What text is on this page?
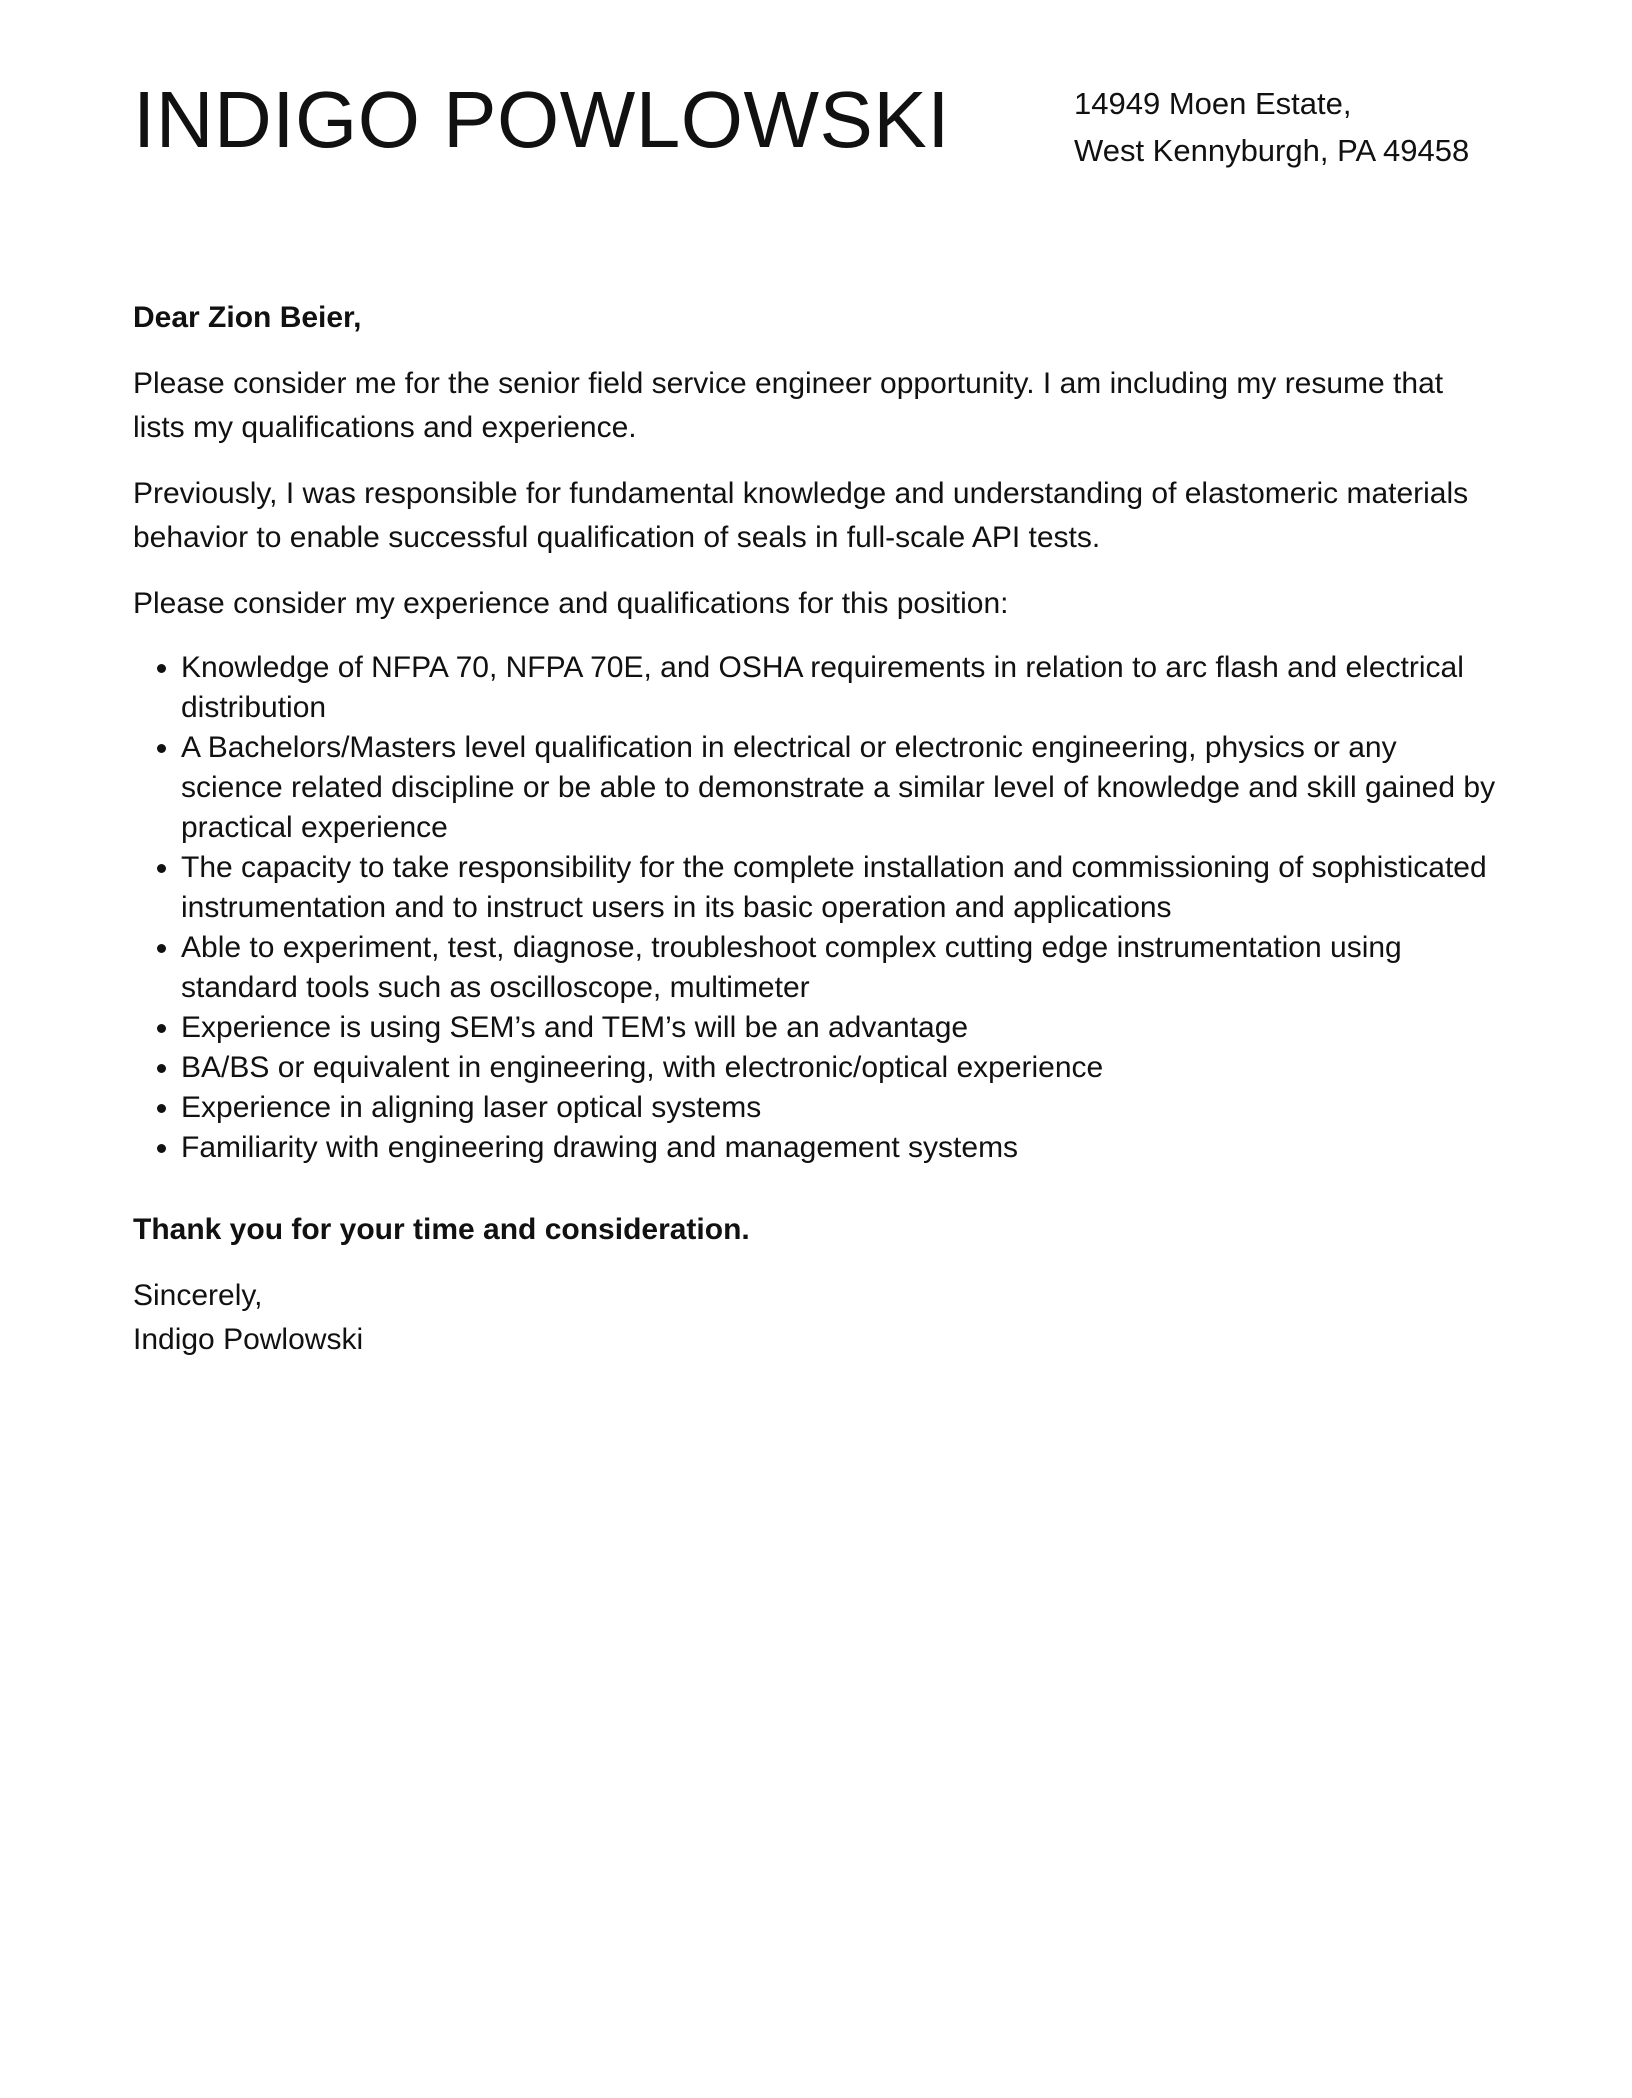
INDIGO POWLOWSKI	14949 Moen Estate,
West Kennyburgh, PA 49458

Dear Zion Beier,

Please consider me for the senior field service engineer opportunity. I am including my resume that lists my qualifications and experience.

Previously, I was responsible for fundamental knowledge and understanding of elastomeric materials behavior to enable successful qualification of seals in full-scale API tests.

Please consider my experience and qualifications for this position:

• Knowledge of NFPA 70, NFPA 70E, and OSHA requirements in relation to arc flash and electrical distribution
• A Bachelors/Masters level qualification in electrical or electronic engineering, physics or any science related discipline or be able to demonstrate a similar level of knowledge and skill gained by practical experience
• The capacity to take responsibility for the complete installation and commissioning of sophisticated instrumentation and to instruct users in its basic operation and applications
• Able to experiment, test, diagnose, troubleshoot complex cutting edge instrumentation using standard tools such as oscilloscope, multimeter
• Experience is using SEM’s and TEM’s will be an advantage
• BA/BS or equivalent in engineering, with electronic/optical experience
• Experience in aligning laser optical systems
• Familiarity with engineering drawing and management systems

Thank you for your time and consideration.

Sincerely,

Indigo Powlowski
